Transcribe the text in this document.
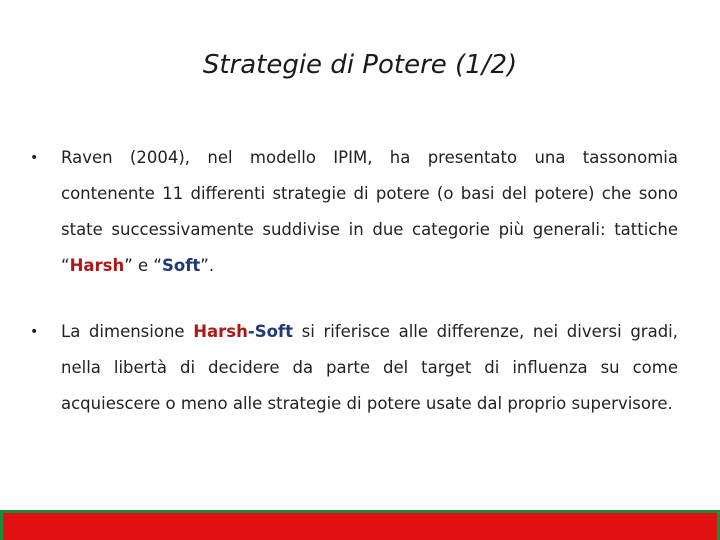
Strategie di Potere (1/2)
• Raven (2004), nel modello IPIM, ha presentato una tassonomia contenente 11 differenti strategie di potere (o basi del potere) che sono state successivamente suddivise in due categorie più generali: tattiche “Harsh” e “Soft”.
• La dimensione Harsh-Soft si riferisce alle differenze, nei diversi gradi, nella libertà di decidere da parte del target di influenza su come acquiescere o meno alle strategie di potere usate dal proprio supervisore.
